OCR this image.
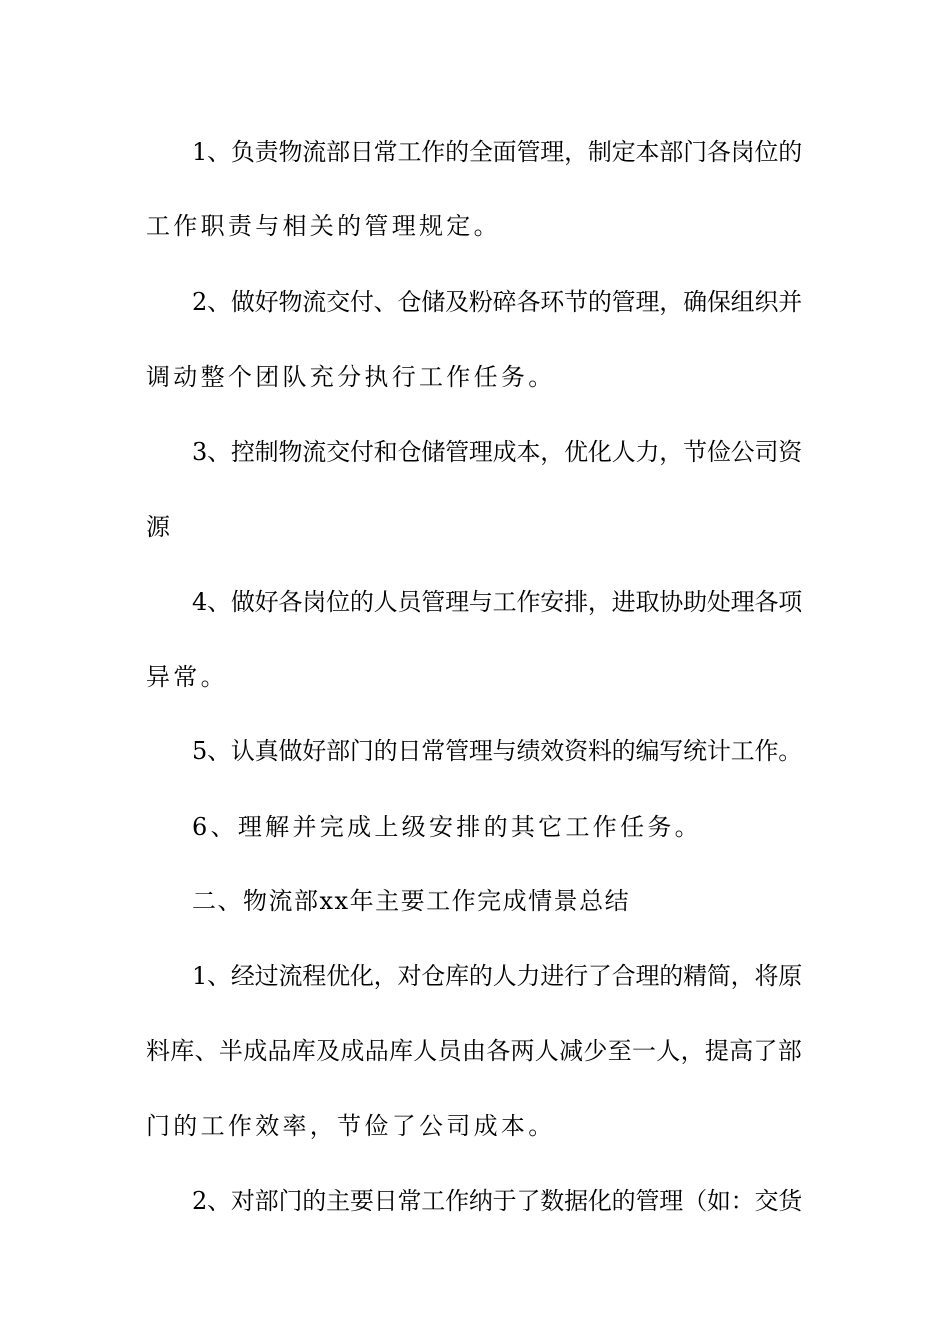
1、负责物流部日常工作的全面管理，制定本部门各岗位的
工作职责与相关的管理规定。
2、做好物流交付、仓储及粉碎各环节的管理，确保组织并
调动整个团队充分执行工作任务。
3、控制物流交付和仓储管理成本，优化人力，节俭公司资
源
4、做好各岗位的人员管理与工作安排，进取协助处理各项
异常。
5、认真做好部门的日常管理与绩效资料的编写统计工作。
6、理解并完成上级安排的其它工作任务。
二、物流部xx年主要工作完成情景总结
1、经过流程优化，对仓库的人力进行了合理的精简，将原
料库、半成品库及成品库人员由各两人减少至一人，提高了部
门的工作效率，节俭了公司成本。
2、对部门的主要日常工作纳于了数据化的管理（如：交货
